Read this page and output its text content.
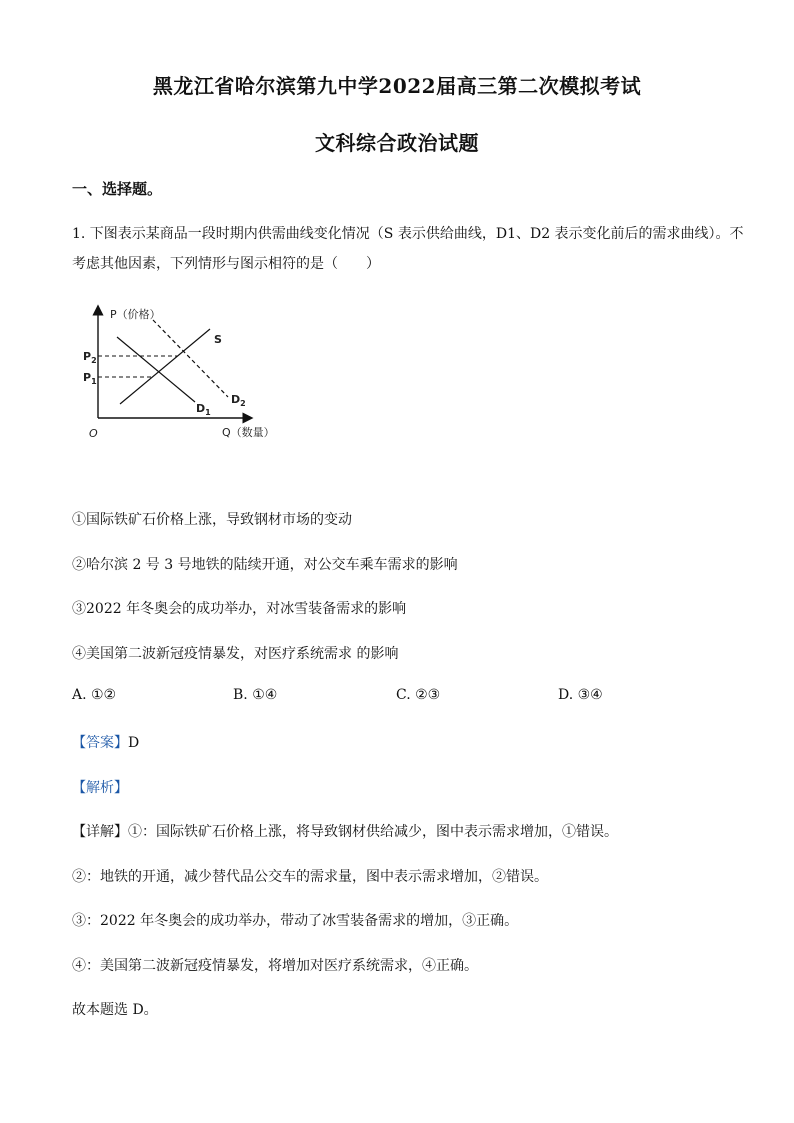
黑龙江省哈尔滨第九中学2022届高三第二次模拟考试
文科综合政治试题
一、选择题。
1. 下图表示某商品一段时期内供需曲线变化情况（S 表示供给曲线，D1、D2 表示变化前后的需求曲线）。不
考虑其他因素，下列情形与图示相符的是（　　）
P（价格）
Q（数量）
O
$P_2$
$P_1$
S
$D_1$
$D_2$
①国际铁矿石价格上涨，导致钢材市场的变动
②哈尔滨 2 号 3 号地铁的陆续开通，对公交车乘车需求的影响
③2022 年冬奥会的成功举办，对冰雪装备需求的影响
④美国第二波新冠疫情暴发，对医疗系统需求 的影响
A. ①②	B. ①④	C. ②③	D. ③④
【答案】D
【解析】
【详解】①：国际铁矿石价格上涨，将导致钢材供给减少，图中表示需求增加，①错误。
②：地铁的开通，减少替代品公交车的需求量，图中表示需求增加，②错误。
③：2022 年冬奥会的成功举办，带动了冰雪装备需求的增加，③正确。
④：美国第二波新冠疫情暴发，将增加对医疗系统需求，④正确。
故本题选 D。
